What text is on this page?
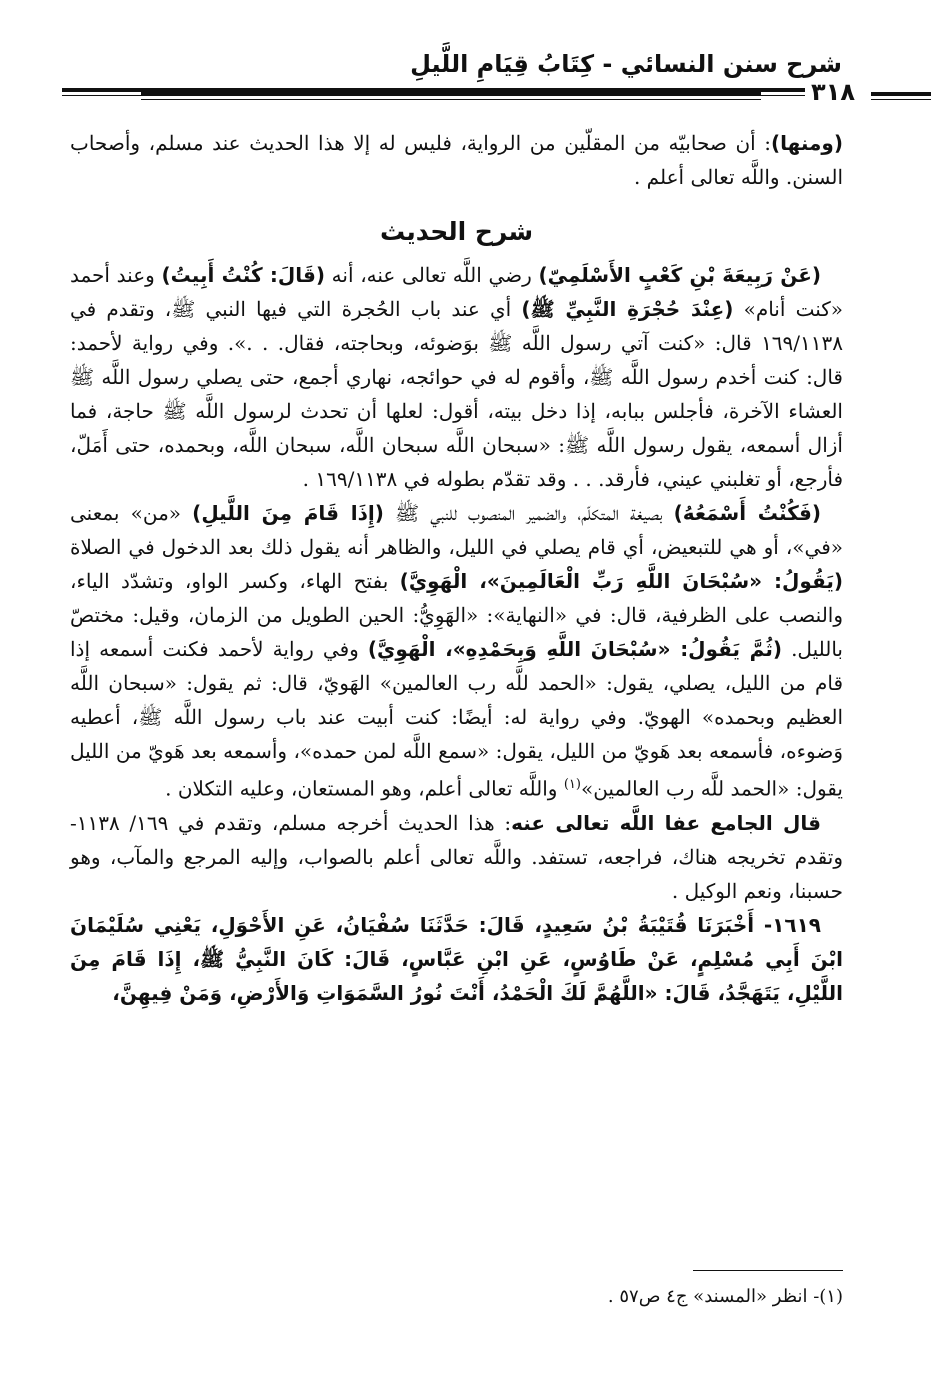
شرح سنن النسائي - كِتَابُ قِيَامِ اللَّيلِ
٣١٨

(ومنها): أن صحابيّه من المقلّين من الرواية، فليس له إلا هذا الحديث عند مسلم، وأصحاب السنن. واللَّه تعالى أعلم .

شرح الحديث

(عَنْ رَبِيعَةَ بْنِ كَعْبٍ الأَسْلَمِيّ) رضي اللَّه تعالى عنه، أنه (قَالَ: كُنْتُ أَبِيتُ) وعند أحمد «كنت أنام» (عِنْدَ حُجْرَةِ النَّبِيِّ ﷺ) أي عند باب الحُجرة التي فيها النبي ﷺ، وتقدم في ١٦٩/١١٣٨ قال: «كنت آتي رسول اللَّه ﷺ بوَضوئه، وبحاجته، فقال. . .». وفي رواية لأحمد: قال: كنت أخدم رسول اللَّه ﷺ، وأقوم له في حوائجه، نهاري أجمع، حتى يصلي رسول اللَّه ﷺ العشاء الآخرة، فأجلس ببابه، إذا دخل بيته، أقول: لعلها أن تحدث لرسول اللَّه ﷺ حاجة، فما أزال أسمعه، يقول رسول اللَّه ﷺ: «سبحان اللَّه سبحان اللَّه، سبحان اللَّه، وبحمده، حتى أَمَلّ، فأرجع، أو تغلبني عيني، فأرقد. . . وقد تقدّم بطوله في ١٦٩/١١٣٨ .

(فَكُنْتُ أَسْمَعُهُ) بصيغة المتكلّم، والضمير المنصوب للنبي ﷺ (إِذَا قَامَ مِنَ اللَّيلِ) «من» بمعنى «في»، أو هي للتبعيض، أي قام يصلي في الليل، والظاهر أنه يقول ذلك بعد الدخول في الصلاة (يَقُولُ: «سُبْحَانَ اللَّهِ رَبِّ الْعَالَمِينَ»، الْهَوِيَّ) بفتح الهاء، وكسر الواو، وتشدّد الياء، والنصب على الظرفية، قال: في «النهاية»: «الهَوِيُّ: الحين الطويل من الزمان، وقيل: مختصّ بالليل. (ثُمَّ يَقُولُ: «سُبْحَانَ اللَّهِ وَبِحَمْدِهِ»، الْهَوِيَّ) وفي رواية لأحمد فكنت أسمعه إذا قام من الليل، يصلي، يقول: «الحمد للَّه رب العالمين» الهَويّ، قال: ثم يقول: «سبحان اللَّه العظيم وبحمده» الهويّ. وفي رواية له: أيضًا: كنت أبيت عند باب رسول اللَّه ﷺ، أعطيه وَضوءه، فأسمعه بعد هَويّ من الليل، يقول: «سمع اللَّه لمن حمده»، وأسمعه بعد هَويّ من الليل يقول: «الحمد للَّه رب العالمين»$^{(١)}$ واللَّه تعالى أعلم، وهو المستعان، وعليه التكلان .

قال الجامع عفا اللَّه تعالى عنه: هذا الحديث أخرجه مسلم، وتقدم في ١٦٩/ ١١٣٨- وتقدم تخريجه هناك، فراجعه، تستفد. واللَّه تعالى أعلم بالصواب، وإليه المرجع والمآب، وهو حسبنا، ونعم الوكيل .

١٦١٩- أَخْبَرَنَا قُتَيْبَةُ بْنُ سَعِيدٍ، قَالَ: حَدَّثَنَا سُفْيَانُ، عَنِ الأَحْوَلِ، يَعْنِي سُلَيْمَانَ ابْنَ أَبِي مُسْلِمٍ، عَنْ طَاوُسٍ، عَنِ ابْنِ عَبَّاسٍ، قَالَ: كَانَ النَّبِيُّ ﷺ، إِذَا قَامَ مِنَ اللَّيْلِ، يَتَهَجَّدُ، قَالَ: «اللَّهُمَّ لَكَ الْحَمْدُ، أَنْتَ نُورُ السَّمَوَاتِ وَالأَرْضِ، وَمَنْ فِيهِنَّ،

(١)- انظر «المسند» ج٤ ص٥٧ .
